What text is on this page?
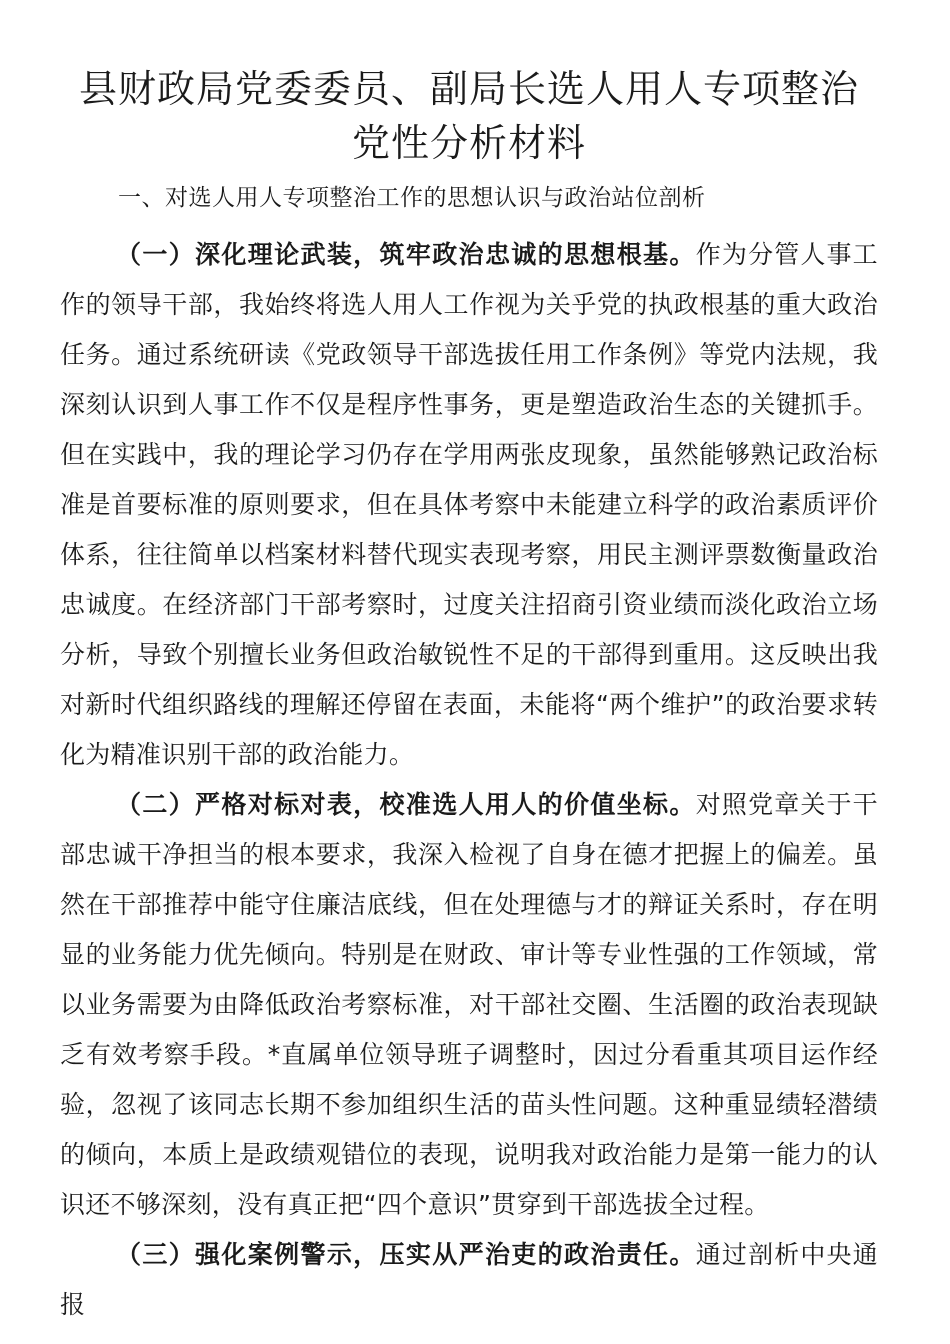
县财政局党委委员、副局长选人用人专项整治党性分析材料

一、对选人用人专项整治工作的思想认识与政治站位剖析

（一）深化理论武装，筑牢政治忠诚的思想根基。作为分管人事工作的领导干部，我始终将选人用人工作视为关乎党的执政根基的重大政治任务。通过系统研读《党政领导干部选拔任用工作条例》等党内法规，我深刻认识到人事工作不仅是程序性事务，更是塑造政治生态的关键抓手。但在实践中，我的理论学习仍存在学用两张皮现象，虽然能够熟记政治标准是首要标准的原则要求，但在具体考察中未能建立科学的政治素质评价体系，往往简单以档案材料替代现实表现考察，用民主测评票数衡量政治忠诚度。在经济部门干部考察时，过度关注招商引资业绩而淡化政治立场分析，导致个别擅长业务但政治敏锐性不足的干部得到重用。这反映出我对新时代组织路线的理解还停留在表面，未能将“两个维护”的政治要求转化为精准识别干部的政治能力。

（二）严格对标对表，校准选人用人的价值坐标。对照党章关于干部忠诚干净担当的根本要求，我深入检视了自身在德才把握上的偏差。虽然在干部推荐中能守住廉洁底线，但在处理德与才的辩证关系时，存在明显的业务能力优先倾向。特别是在财政、审计等专业性强的工作领域，常以业务需要为由降低政治考察标准，对干部社交圈、生活圈的政治表现缺乏有效考察手段。*直属单位领导班子调整时，因过分看重其项目运作经验，忽视了该同志长期不参加组织生活的苗头性问题。这种重显绩轻潜绩的倾向，本质上是政绩观错位的表现，说明我对政治能力是第一能力的认识还不够深刻，没有真正把“四个意识”贯穿到干部选拔全过程。

（三）强化案例警示，压实从严治吏的政治责任。通过剖析中央通报
